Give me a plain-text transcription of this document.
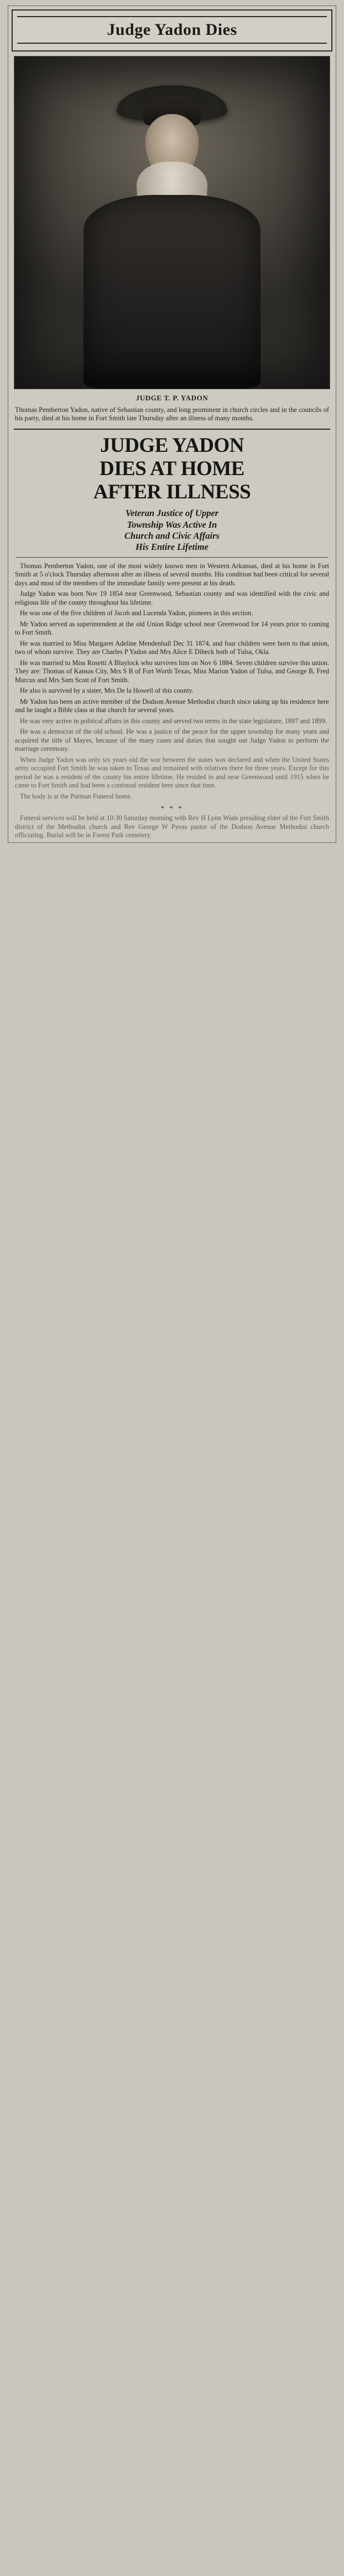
Judge Yadon Dies
JUDGE T. P. YADON
Thomas Pemberton Yadon, native of Sebastian county, and long prominent in church circles and in the councils of his party, died at his home in Fort Smith late Thursday after an illness of many months.
JUDGE YADON
DIES AT HOME
AFTER ILLNESS
Veteran Justice of Upper
Township Was Active In
Church and Civic Affairs
His Entire Lifetime

Thomas Pemberton Yadon, one of the most widely known men in Western Arkansas, died at his home in Fort Smith at 5 o'clock Thursday afternoon after an illness of several months. His condition had been critical for several days and most of the members of the immediate family were present at his death.

Judge Yadon was born Nov 19 1854 near Greenwood, Sebastian county and was identified with the civic and religious life of the county throughout his lifetime.

He was one of the five children of Jacob and Lucenda Yadon, pioneers in this section.

Mr Yadon served as superintendent at the old Union Ridge school near Greenwood for 14 years prior to coming to Fort Smith.

He was married to Miss Margaret Adeline Mendenhall Dec 31 1874, and four children were born to that union, two of whom survive. They are Charles P Yadon and Mrs Alice E Dibeck both of Tulsa, Okla.

He was married to Miss Rosetti A Blaylock who survives him on Nov 6 1884. Seven children survive this union. They are: Thomas of Kansas City, Mrs S B of Fort Worth Texas, Miss Marion Yadon of Tulsa, and George B, Fred Marcus and Mrs Sam Scott of Fort Smith.

He also is survived by a sister, Mrs De la Howell of this county.

Mr Yadon has been an active member of the Dodson Avenue Methodist church since taking up his residence here and he taught a Bible class at that church for several years.

He was very active in political affairs in this county and served two terms in the state legislature, 1897 and 1899.

He was a democrat of the old school. He was a justice of the peace for the upper township for many years and acquired the title of Mayes, because of the many cases and duties that sought out Judge Yadon to perform the marriage ceremony.

When Judge Yadon was only six years old the war between the states was declared and when the United States army occupied Fort Smith he was taken to Texas and remained with relatives there for three years. Except for this period he was a resident of the county his entire lifetime. He resided in and near Greenwood until 1915 when he came to Fort Smith and had been a continual resident here since that time.

The body is at the Putman Funeral home.

* * *

Funeral services will be held at 10:30 Saturday morning with Rev H Lynn Wade presiding elder of the Fort Smith district of the Methodist church and Rev George W Pyeas pastor of the Dodson Avenue Methodist church officiating. Burial will be in Forest Park cemetery.
